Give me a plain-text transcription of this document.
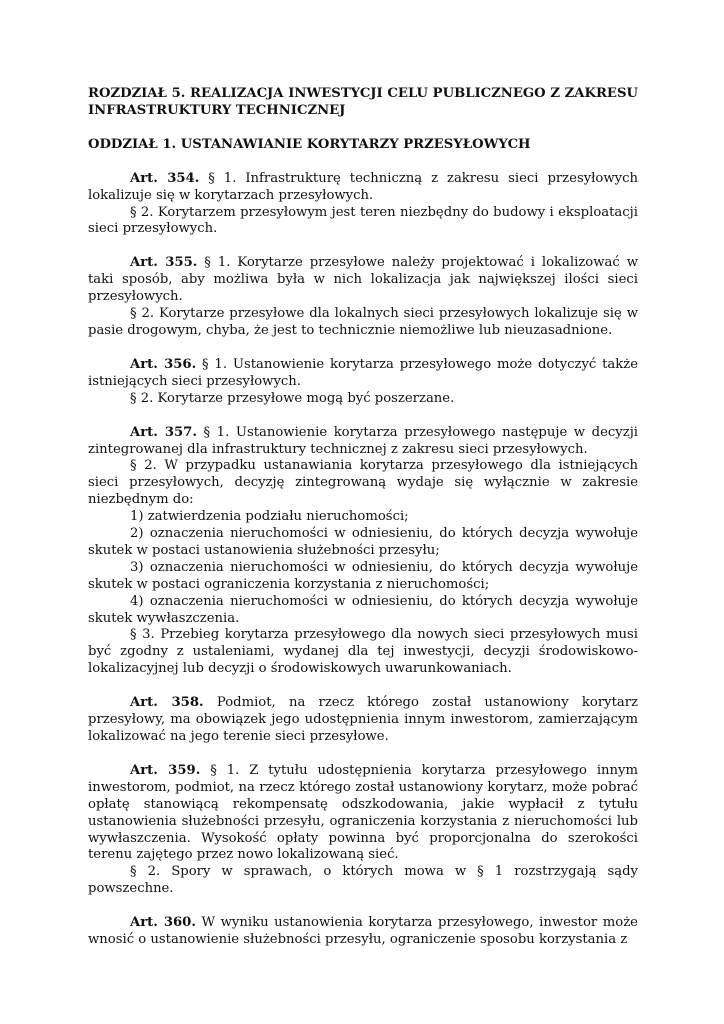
ROZDZIAŁ 5. REALIZACJA INWESTYCJI CELU PUBLICZNEGO Z ZAKRESU INFRASTRUKTURY TECHNICZNEJ
ODDZIAŁ 1. USTANAWIANIE KORYTARZY PRZESYŁOWYCH

Art. 354. § 1. Infrastrukturę techniczną z zakresu sieci przesyłowych lokalizuje się w korytarzach przesyłowych.

§ 2. Korytarzem przesyłowym jest teren niezbędny do budowy i eksploatacji sieci przesyłowych.

Art. 355. § 1. Korytarze przesyłowe należy projektować i lokalizować w taki sposób, aby możliwa była w nich lokalizacja jak największej ilości sieci przesyłowych.

§ 2. Korytarze przesyłowe dla lokalnych sieci przesyłowych lokalizuje się w pasie drogowym, chyba, że jest to technicznie niemożliwe lub nieuzasadnione.

Art. 356. § 1. Ustanowienie korytarza przesyłowego może dotyczyć także istniejących sieci przesyłowych.

§ 2. Korytarze przesyłowe mogą być poszerzane.

Art. 357. § 1. Ustanowienie korytarza przesyłowego następuje w decyzji zintegrowanej dla infrastruktury technicznej z zakresu sieci przesyłowych.

§ 2. W przypadku ustanawiania korytarza przesyłowego dla istniejących sieci przesyłowych, decyzję zintegrowaną wydaje się wyłącznie w zakresie niezbędnym do:

1) zatwierdzenia podziału nieruchomości;

2) oznaczenia nieruchomości w odniesieniu, do których decyzja wywołuje skutek w postaci ustanowienia służebności przesyłu;

3) oznaczenia nieruchomości w odniesieniu, do których decyzja wywołuje skutek w postaci ograniczenia korzystania z nieruchomości;

4) oznaczenia nieruchomości w odniesieniu, do których decyzja wywołuje skutek wywłaszczenia.

§ 3. Przebieg korytarza przesyłowego dla nowych sieci przesyłowych musi być zgodny z ustaleniami, wydanej dla tej inwestycji, decyzji środowiskowo-lokalizacyjnej lub decyzji o środowiskowych uwarunkowaniach.

Art. 358. Podmiot, na rzecz którego został ustanowiony korytarz przesyłowy, ma obowiązek jego udostępnienia innym inwestorom, zamierzającym lokalizować na jego terenie sieci przesyłowe.

Art. 359. § 1. Z tytułu udostępnienia korytarza przesyłowego innym inwestorom, podmiot, na rzecz którego został ustanowiony korytarz, może pobrać opłatę stanowiącą rekompensatę odszkodowania, jakie wypłacił z tytułu ustanowienia służebności przesyłu, ograniczenia korzystania z nieruchomości lub wywłaszczenia. Wysokość opłaty powinna być proporcjonalna do szerokości terenu zajętego przez nowo lokalizowaną sieć.

§ 2. Spory w sprawach, o których mowa w § 1 rozstrzygają sądy powszechne.

Art. 360. W wyniku ustanowienia korytarza przesyłowego, inwestor może wnosić o ustanowienie służebności przesyłu, ograniczenie sposobu korzystania z
